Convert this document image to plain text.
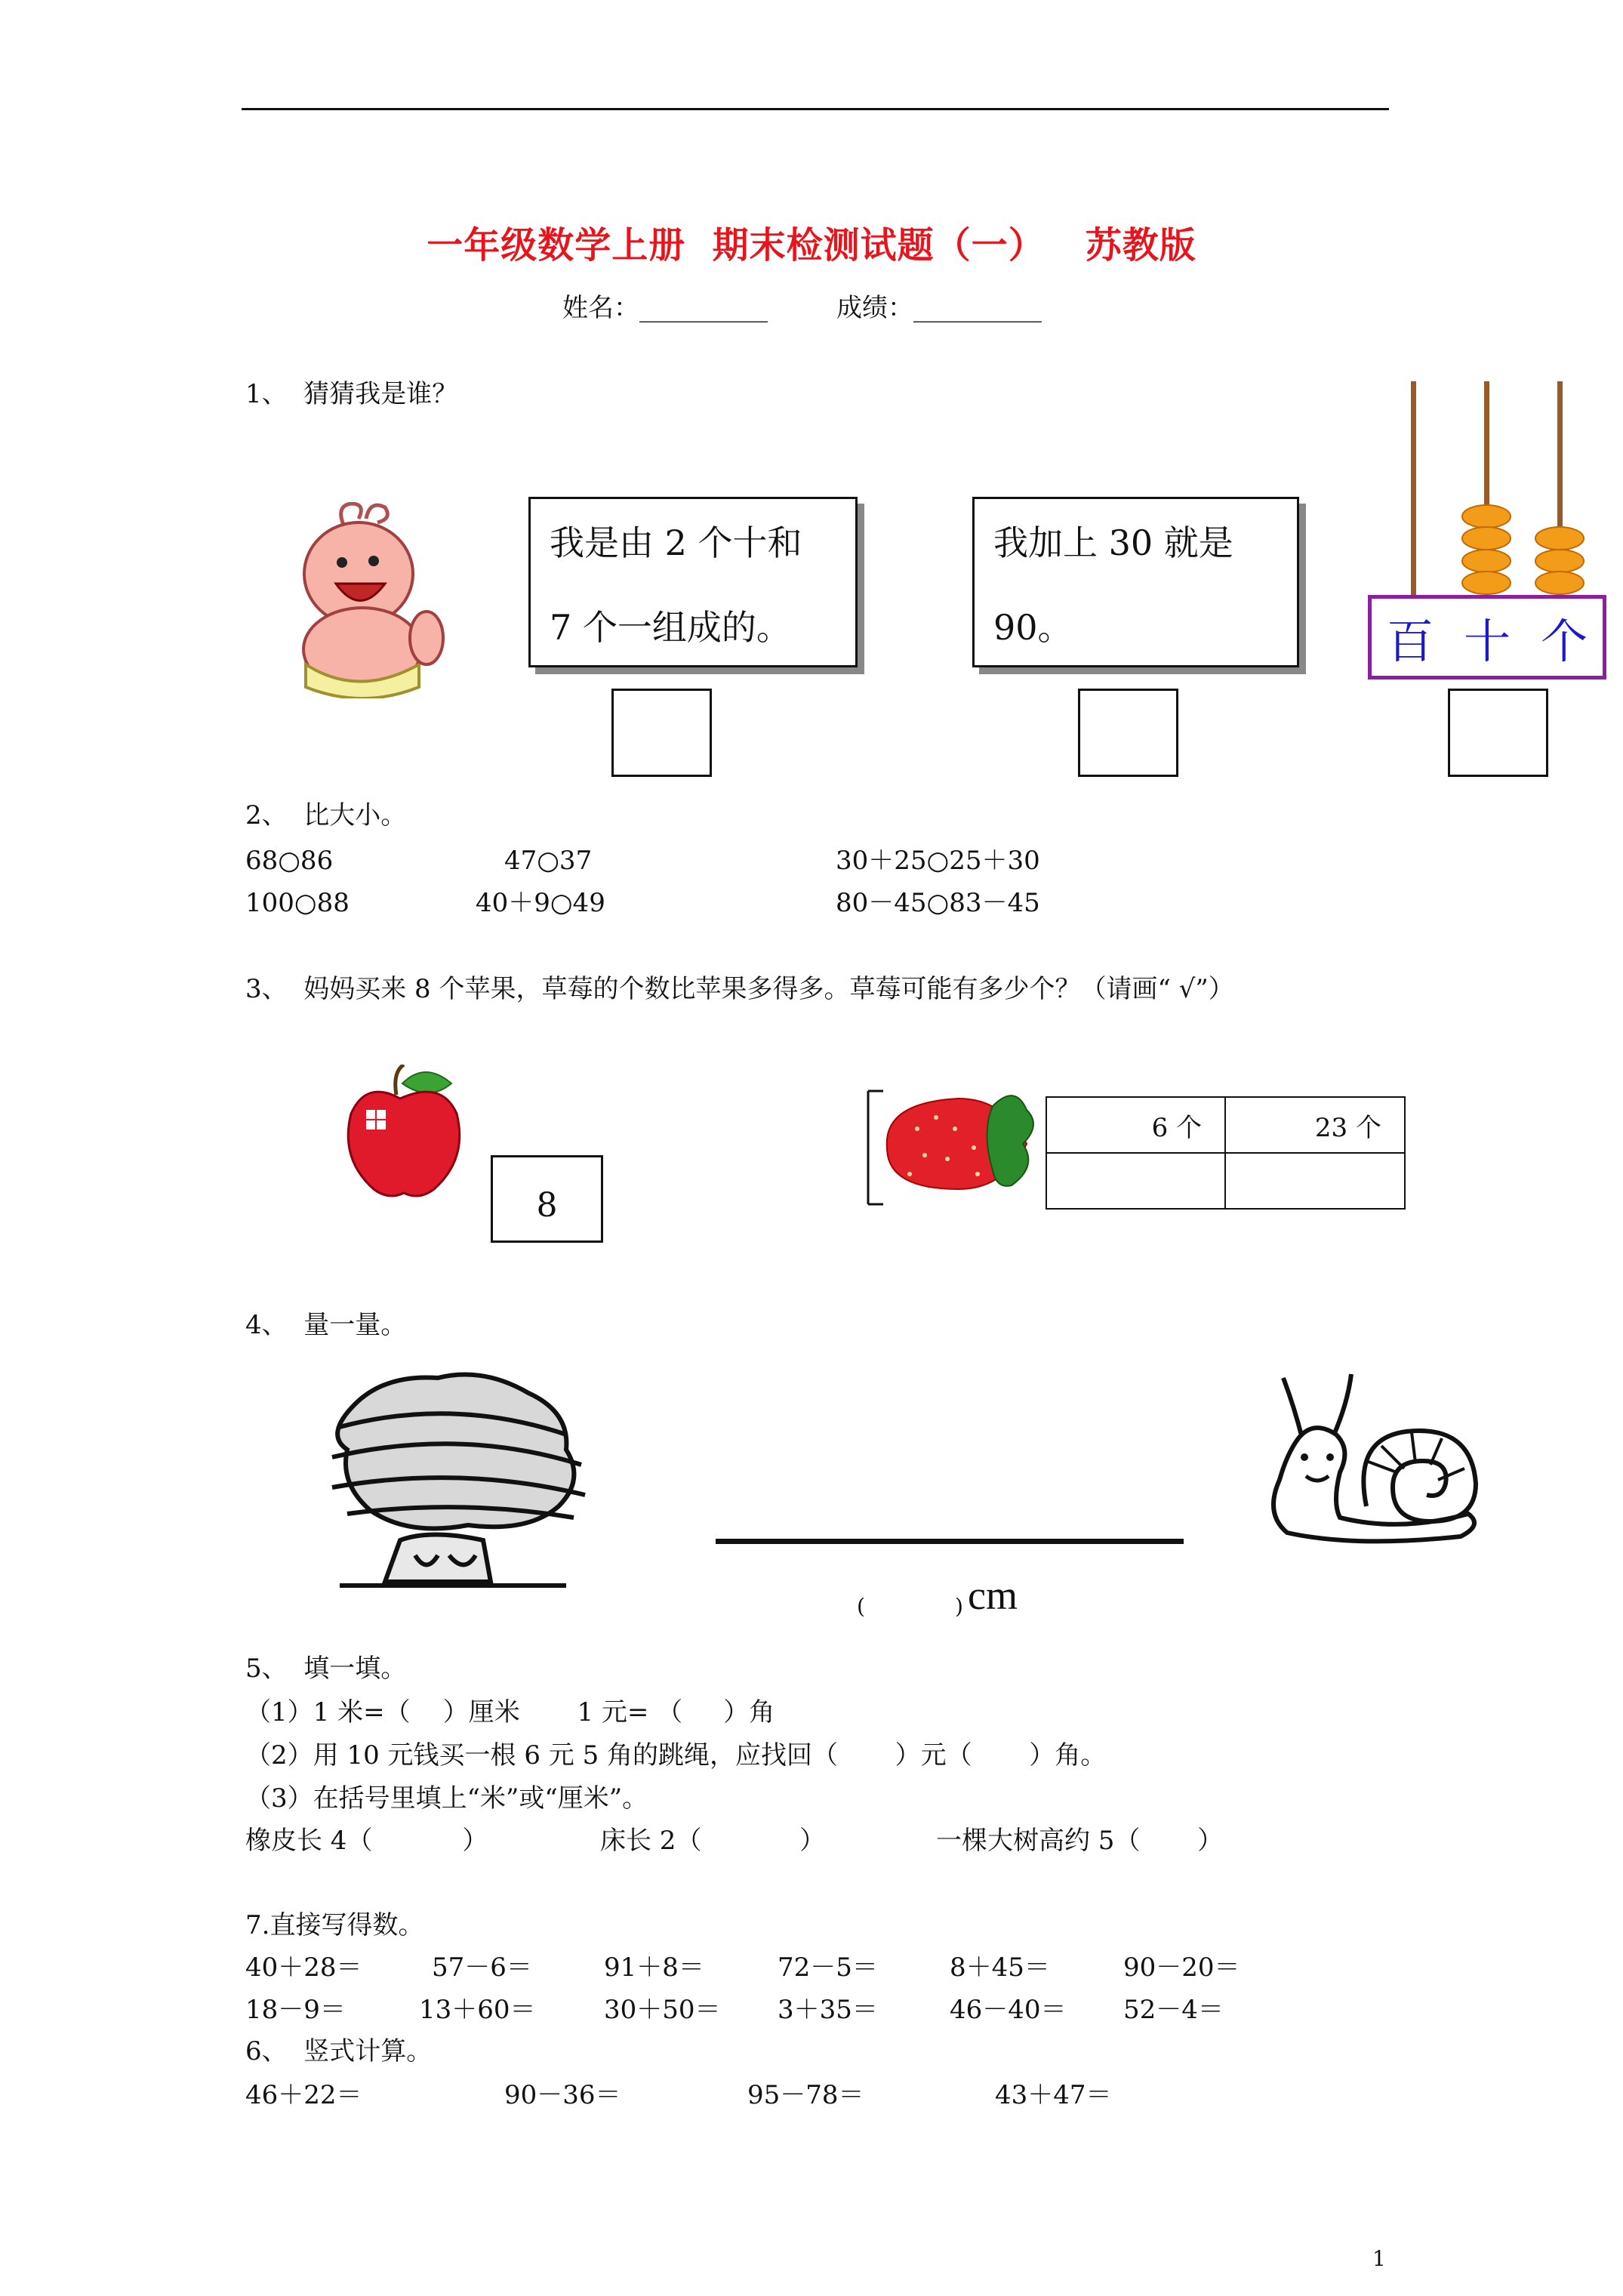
一年级数学上册  期末检测试题（一）   苏教版
姓名：__________	成绩：__________
1、  猜猜我是谁？
我是由 2 个十和
7 个一组成的。
我加上 30 就是
90。	百 十 个
2、  比大小。
68○86	47○37	30＋25○25＋30
100○88	40＋9○49	80－45○83－45
3、  妈妈买来 8 个苹果，草莓的个数比苹果多得多。草莓可能有多少个？（请画“ √”）
8
6 个	23 个

4、  量一量。
(	) cm
5、  填一填。
（1）1 米=（    ）厘米       1 元= （     ）角
（2）用 10 元钱买一根 6 元 5 角的跳绳，应找回（       ）元（       ）角。
（3）在括号里填上“米”或“厘米”。
橡皮长 4（           ）	床长 2（            ）	一棵大树高约 5（       ）
7.直接写得数。
40＋28＝	57－6＝	91＋8＝	72－5＝	8＋45＝	90－20＝
18－9＝	13＋60＝	30＋50＝ 3＋35＝	46－40＝ 52－4＝
6、  竖式计算。
46＋22＝	90－36＝	95－78＝	43＋47＝
1
